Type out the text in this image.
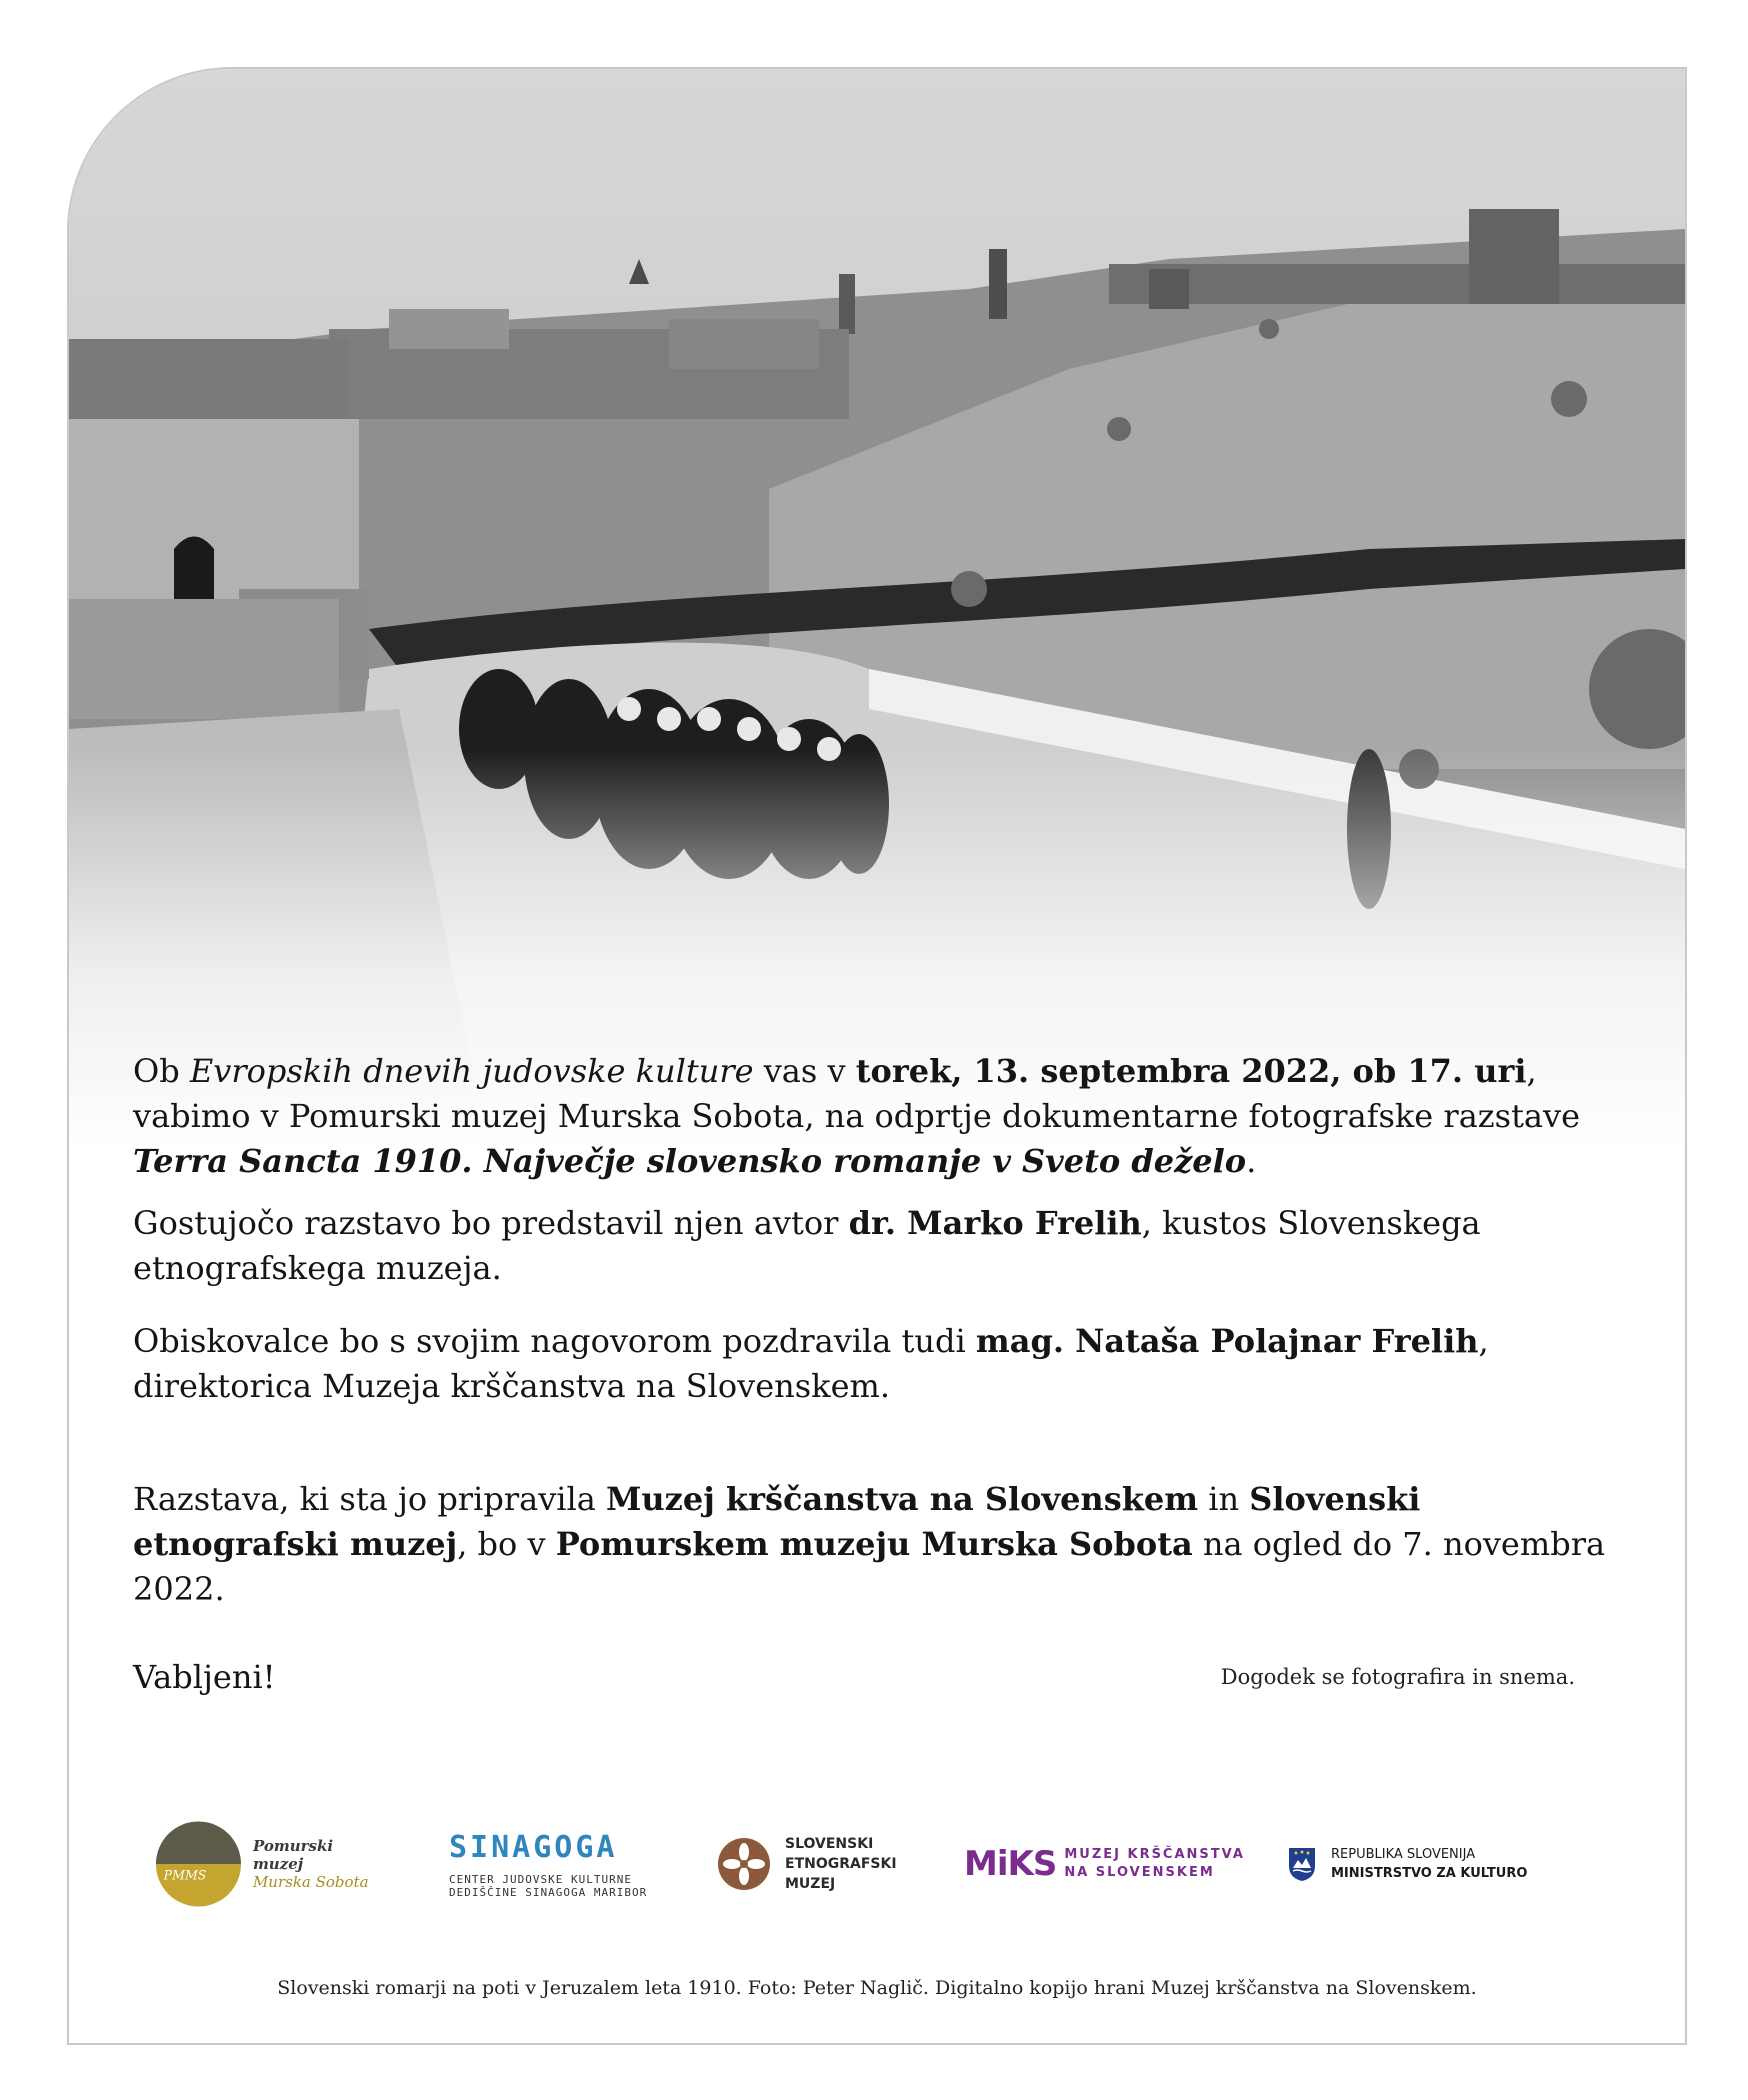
Ob Evropskih dnevih judovske kulture vas v torek, 13. septembra 2022, ob 17. uri, vabimo v Pomurski muzej Murska Sobota, na odprtje dokumentarne fotografske razstave Terra Sancta 1910. Največje slovensko romanje v Sveto deželo.
Gostujočo razstavo bo predstavil njen avtor dr. Marko Frelih, kustos Slovenskega etnografskega muzeja.
Obiskovalce bo s svojim nagovorom pozdravila tudi mag. Nataša Polajnar Frelih, direktorica Muzeja krščanstva na Slovenskem.
Razstava, ki sta jo pripravila Muzej krščanstva na Slovenskem in Slovenski etnografski muzej, bo v Pomurskem muzeju Murska Sobota na ogled do 7. novembra 2022.
Vabljeni!	Dogodek se fotografira in snema.
PMMS
Pomurski muzej
Murska Sobota
SINAGOGA
CENTER JUDOVSKE KULTURNE
DEDIŠČINE SINAGOGA MARIBOR
SLOVENSKI
ETNOGRAFSKI
MUZEJ	MiKS MUZEJ KRŠČANSTVA
NA SLOVENSKEM
REPUBLIKA SLOVENIJA
MINISTRSTVO ZA KULTURO
Slovenski romarji na poti v Jeruzalem leta 1910. Foto: Peter Naglič. Digitalno kopijo hrani Muzej krščanstva na Slovenskem.
